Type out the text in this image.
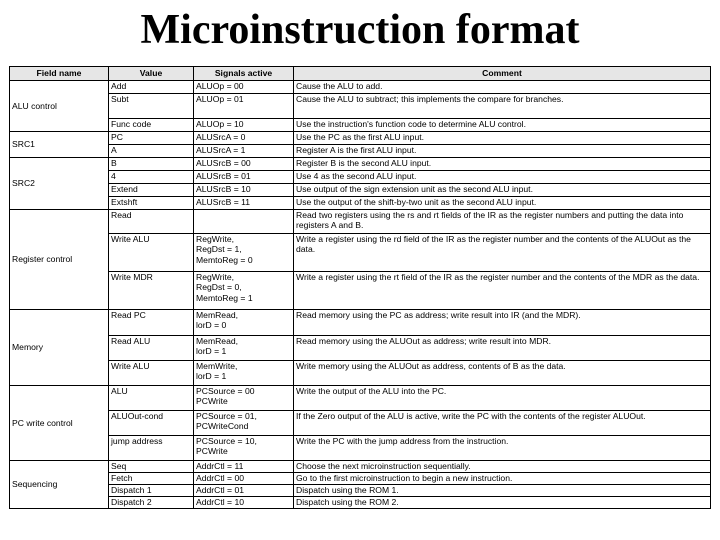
Microinstruction format
Field name	Value	Signals active	Comment
ALU control	Add	ALUOp = 00	Cause the ALU to add.
	Subt	ALUOp = 01	Cause the ALU to subtract; this implements the compare for branches.
	Func code	ALUOp = 10	Use the instruction's function code to determine ALU control.
SRC1	PC	ALUSrcA = 0	Use the PC as the first ALU input.
	A	ALUSrcA = 1	Register A is the first ALU input.
SRC2	B	ALUSrcB = 00	Register B is the second ALU input.
	4	ALUSrcB = 01	Use 4 as the second ALU input.
	Extend	ALUSrcB = 10	Use output of the sign extension unit as the second ALU input.
	Extshft	ALUSrcB = 11	Use the output of the shift-by-two unit as the second ALU input.
Register control	Read		Read two registers using the rs and rt fields of the IR as the register numbers and putting the data into registers A and B.
	Write ALU	RegWrite,
RegDst = 1,
MemtoReg = 0	Write a register using the rd field of the IR as the register number and the contents of the ALUOut as the data.
	Write MDR	RegWrite,
RegDst = 0,
MemtoReg = 1	Write a register using the rt field of the IR as the register number and the contents of the MDR as the data.
Memory	Read PC	MemRead,
lorD = 0	Read memory using the PC as address; write result into IR (and the MDR).
	Read ALU	MemRead,
lorD = 1	Read memory using the ALUOut as address; write result into MDR.
	Write ALU	MemWrite,
lorD = 1	Write memory using the ALUOut as address, contents of B as the data.
PC write control	ALU	PCSource = 00
PCWrite	Write the output of the ALU into the PC.
	ALUOut-cond	PCSource = 01,
PCWriteCond	If the Zero output of the ALU is active, write the PC with the contents of the register ALUOut.
	jump address	PCSource = 10,
PCWrite	Write the PC with the jump address from the instruction.
Sequencing	Seq	AddrCtl = 11	Choose the next microinstruction sequentially.
	Fetch	AddrCtl = 00	Go to the first microinstruction to begin a new instruction.
	Dispatch 1	AddrCtl = 01	Dispatch using the ROM 1.
	Dispatch 2	AddrCtl = 10	Dispatch using the ROM 2.
